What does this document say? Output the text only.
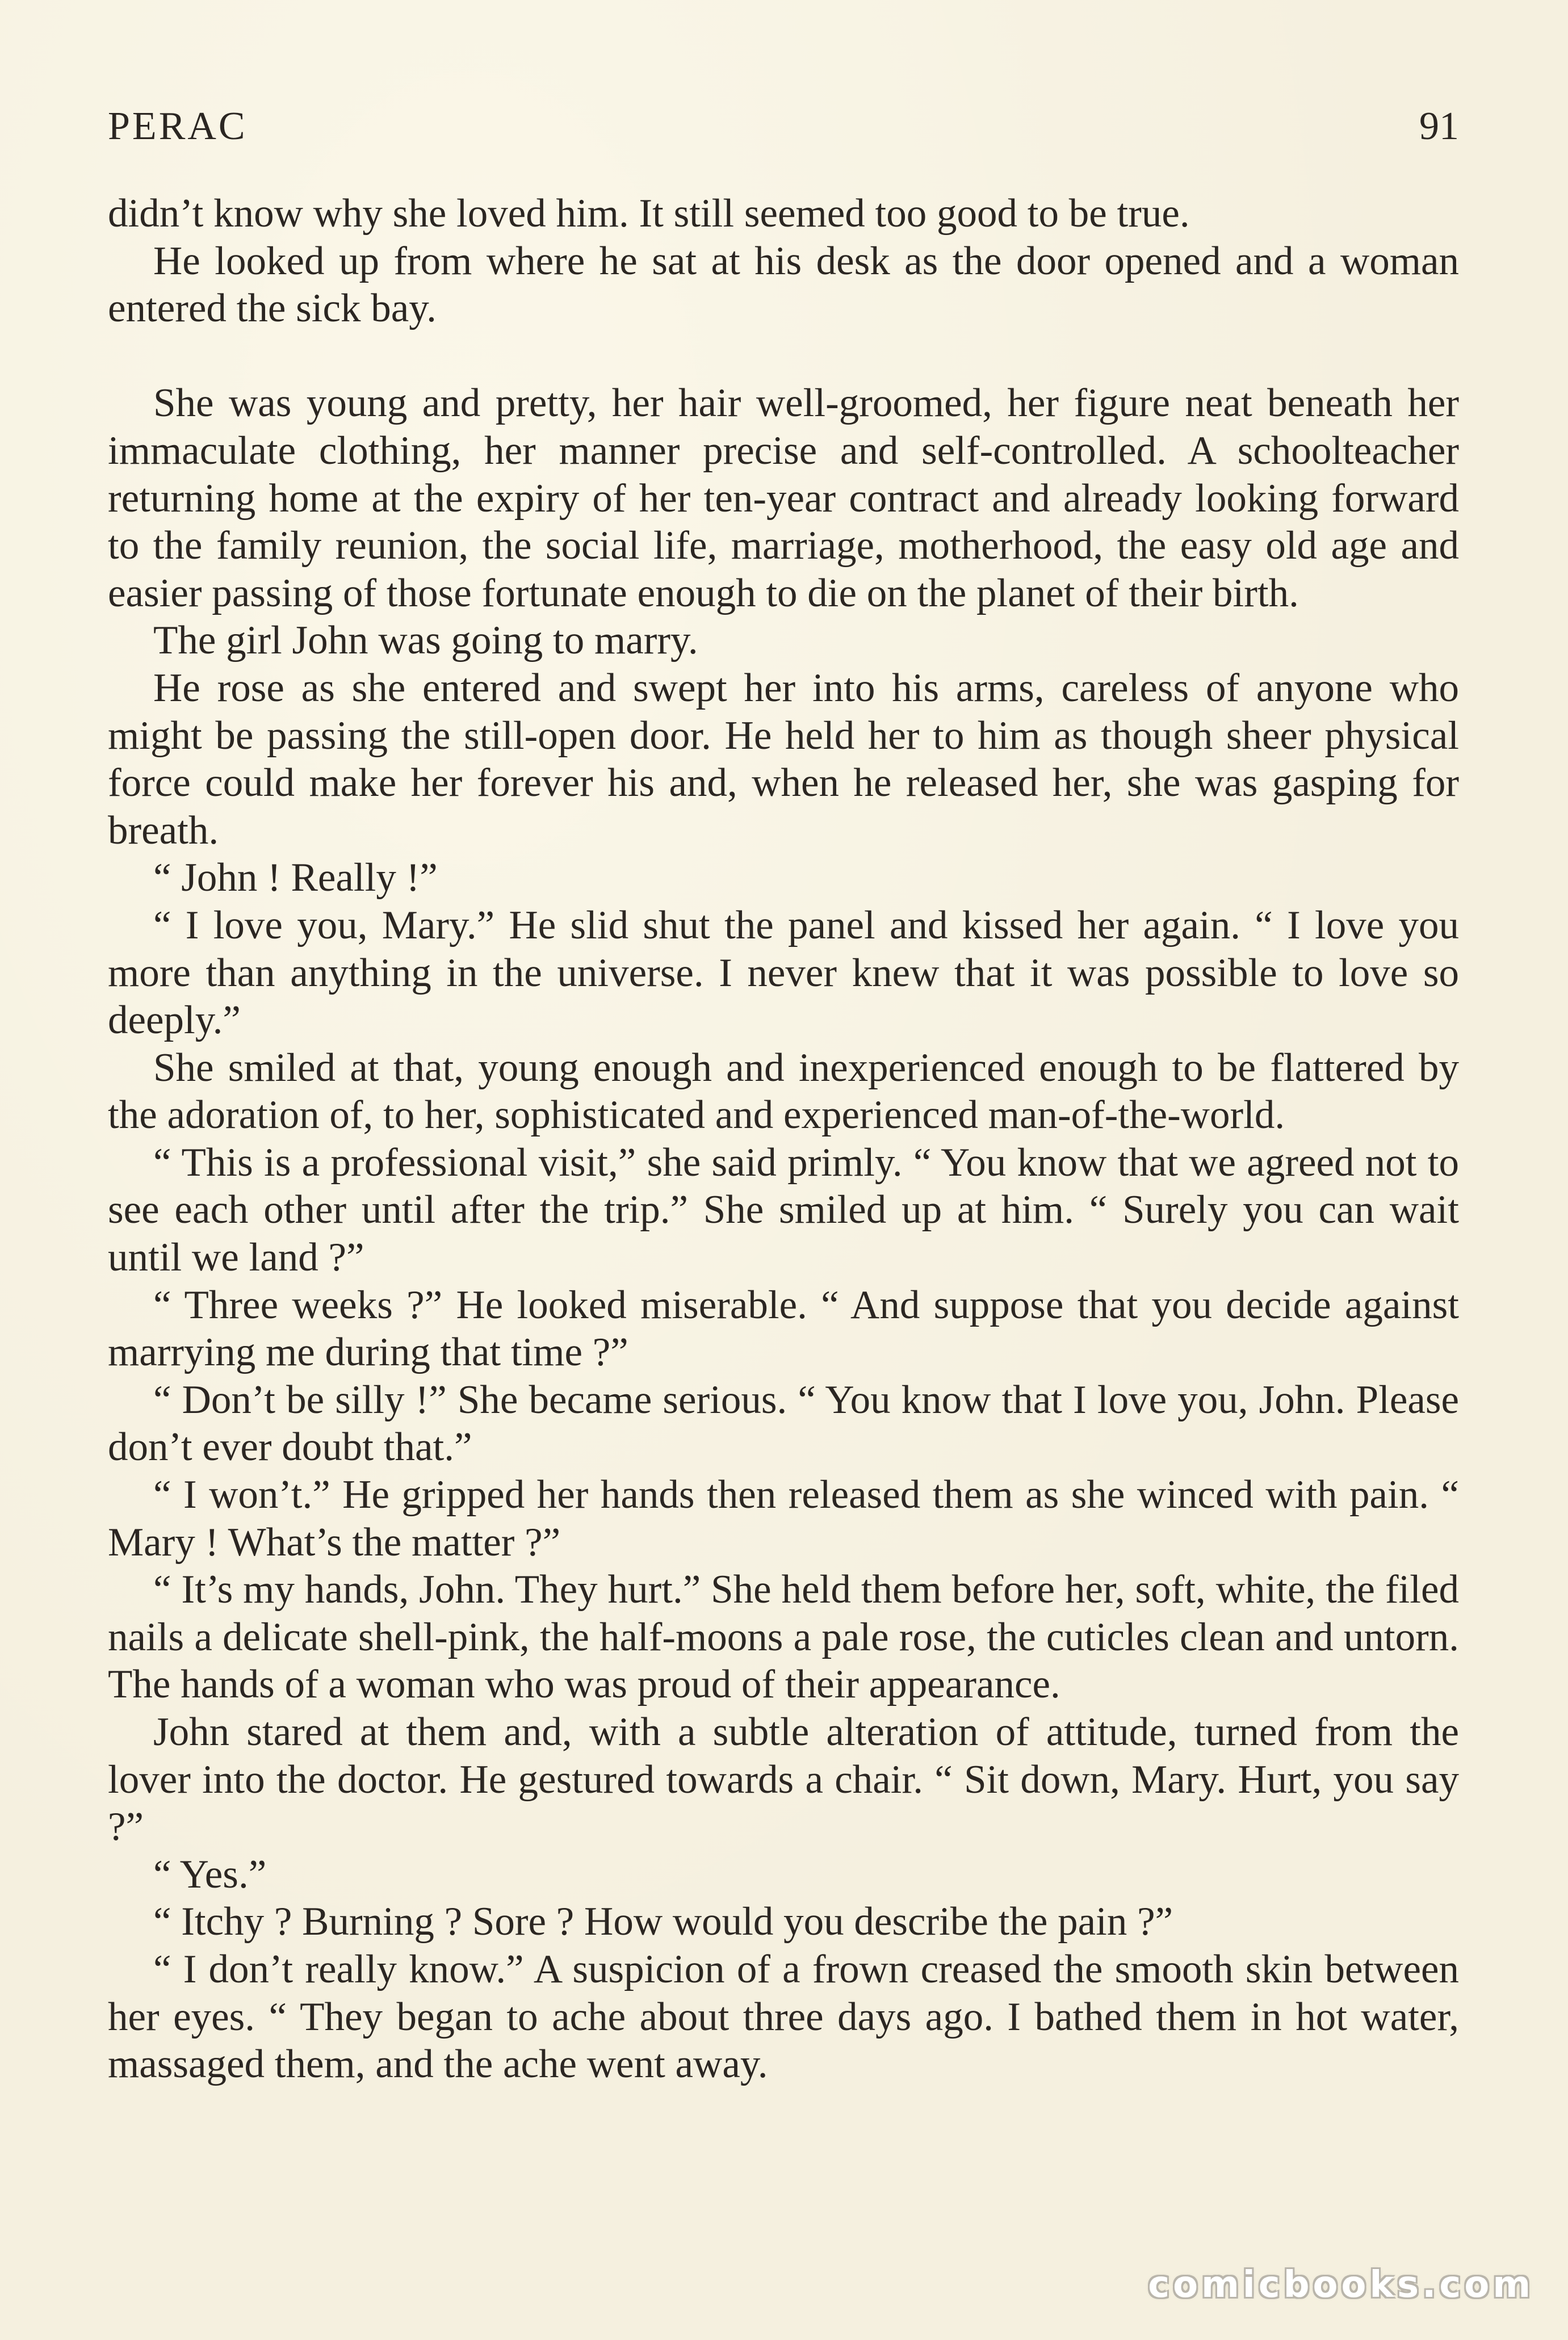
PERAC	91

didn’t know why she loved him. It still seemed too good to be true.

He looked up from where he sat at his desk as the door opened and a woman entered the sick bay.

She was young and pretty, her hair well-groomed, her figure neat beneath her immaculate clothing, her manner precise and self-controlled. A schoolteacher returning home at the expiry of her ten-year contract and already looking forward to the family reunion, the social life, marriage, motherhood, the easy old age and easier passing of those fortunate enough to die on the planet of their birth.

The girl John was going to marry.

He rose as she entered and swept her into his arms, careless of anyone who might be passing the still-open door. He held her to him as though sheer physical force could make her forever his and, when he released her, she was gasping for breath.

“ John ! Really !”

“ I love you, Mary.” He slid shut the panel and kissed her again. “ I love you more than anything in the universe. I never knew that it was possible to love so deeply.”

She smiled at that, young enough and inexperienced enough to be flattered by the adoration of, to her, sophisticated and experienced man-of-the-world.

“ This is a professional visit,” she said primly. “ You know that we agreed not to see each other until after the trip.” She smiled up at him. “ Surely you can wait until we land ?”

“ Three weeks ?” He looked miserable. “ And suppose that you decide against marrying me during that time ?”

“ Don’t be silly !” She became serious. “ You know that I love you, John. Please don’t ever doubt that.”

“ I won’t.” He gripped her hands then released them as she winced with pain. “ Mary ! What’s the matter ?”

“ It’s my hands, John. They hurt.” She held them before her, soft, white, the filed nails a delicate shell-pink, the half-moons a pale rose, the cuticles clean and untorn. The hands of a woman who was proud of their appearance.

John stared at them and, with a subtle alteration of attitude, turned from the lover into the doctor. He gestured towards a chair. “ Sit down, Mary. Hurt, you say ?”

“ Yes.”

“ Itchy ? Burning ? Sore ? How would you describe the pain ?”

“ I don’t really know.” A suspicion of a frown creased the smooth skin between her eyes. “ They began to ache about three days ago. I bathed them in hot water, massaged them, and the ache went away.

comicbooks.com
